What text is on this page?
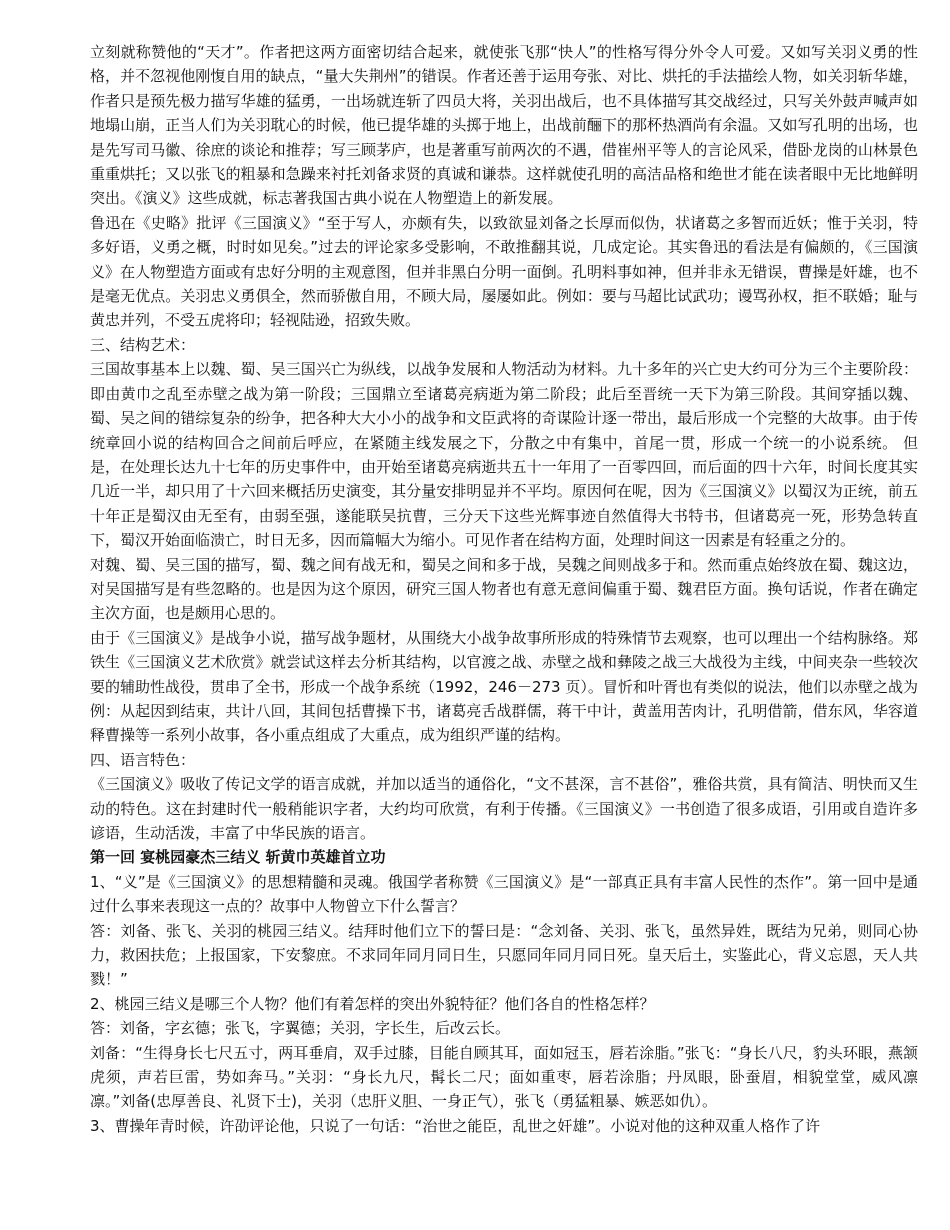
立刻就称赞他的“天才”。作者把这两方面密切结合起来，就使张飞那“快人”的性格写得分外令人可爱。又如写关羽义勇的性格，并不忽视他刚愎自用的缺点，“量大失荆州”的错误。作者还善于运用夸张、对比、烘托的手法描绘人物，如关羽斩华雄，作者只是预先极力描写华雄的猛勇，一出场就连斩了四员大将，关羽出战后，也不具体描写其交战经过，只写关外鼓声喊声如地塌山崩，正当人们为关羽耽心的时候，他已提华雄的头掷于地上，出战前酾下的那杯热酒尚有余温。又如写孔明的出场，也是先写司马徽、徐庶的谈论和推荐；写三顾茅庐，也是著重写前两次的不遇，借崔州平等人的言论风采，借卧龙岗的山林景色重重烘托；又以张飞的粗暴和急躁来衬托刘备求贤的真诚和谦恭。这样就使孔明的高洁品格和绝世才能在读者眼中无比地鲜明突出。《演义》这些成就，标志著我国古典小说在人物塑造上的新发展。

鲁迅在《史略》批评《三国演义》“至于写人，亦颇有失，以致欲显刘备之长厚而似伪，状诸葛之多智而近妖；惟于关羽，特多好语，义勇之概，时时如见矣。”过去的评论家多受影响，不敢推翻其说，几成定论。其实鲁迅的看法是有偏颇的，《三国演义》在人物塑造方面或有忠好分明的主观意图，但并非黑白分明一面倒。孔明料事如神，但并非永无错误，曹操是奸雄，也不是毫无优点。关羽忠义勇俱全，然而骄傲自用，不顾大局，屡屡如此。例如：要与马超比试武功；谩骂孙权，拒不联婚；耻与黄忠并列，不受五虎将印；轻视陆逊，招致失败。

三、结构艺术：

三国故事基本上以魏、蜀、吴三国兴亡为纵线，以战争发展和人物活动为材料。九十多年的兴亡史大约可分为三个主要阶段：即由黄巾之乱至赤壁之战为第一阶段；三国鼎立至诸葛亮病逝为第二阶段；此后至晋统一天下为第三阶段。其间穿插以魏、蜀、吴之间的错综复杂的纷争，把各种大大小小的战争和文臣武将的奇谋险计逐一带出，最后形成一个完整的大故事。由于传统章回小说的结构回合之间前后呼应，在紧随主线发展之下，分散之中有集中，首尾一贯，形成一个统一的小说系统。 但是，在处理长达九十七年的历史事件中，由开始至诸葛亮病逝共五十一年用了一百零四回，而后面的四十六年，时间长度其实几近一半，却只用了十六回来概括历史演变，其分量安排明显并不平均。原因何在呢，因为《三国演义》以蜀汉为正统，前五十年正是蜀汉由无至有，由弱至强，遂能联吴抗曹，三分天下这些光辉事迹自然值得大书特书，但诸葛亮一死，形势急转直下，蜀汉开始面临溃亡，时日无多，因而篇幅大为缩小。可见作者在结构方面，处理时间这一因素是有轻重之分的。

对魏、蜀、吴三国的描写，蜀、魏之间有战无和，蜀吴之间和多于战，吴魏之间则战多于和。然而重点始终放在蜀、魏这边，对吴国描写是有些忽略的。也是因为这个原因，研究三国人物者也有意无意间偏重于蜀、魏君臣方面。换句话说，作者在确定主次方面，也是颇用心思的。

由于《三国演义》是战争小说，描写战争题材，从围绕大小战争故事所形成的特殊情节去观察，也可以理出一个结构脉络。郑铁生《三国演义艺术欣赏》就尝试这样去分析其结构，以官渡之战、赤壁之战和彝陵之战三大战役为主线，中间夹杂一些较次要的辅助性战役，贯串了全书，形成一个战争系统（1992，246－273 页）。冒忻和叶胥也有类似的说法，他们以赤壁之战为例：从起因到结束，共计八回，其间包括曹操下书，诸葛亮舌战群儒，蒋干中计，黄盖用苦肉计，孔明借箭，借东风，华容道释曹操等一系列小故事，各小重点组成了大重点，成为组织严谨的结构。

四、语言特色：

《三国演义》吸收了传记文学的语言成就，并加以适当的通俗化，“文不甚深，言不甚俗”，雅俗共赏，具有简洁、明快而又生动的特色。这在封建时代一般稍能识字者，大约均可欣赏，有利于传播。《三国演义》一书创造了很多成语，引用或自造许多谚语，生动活泼，丰富了中华民族的语言。

第一回 宴桃园豪杰三结义 斩黄巾英雄首立功

1、“义”是《三国演义》的思想精髓和灵魂。俄国学者称赞《三国演义》是“一部真正具有丰富人民性的杰作”。第一回中是通过什么事来表现这一点的？故事中人物曾立下什么誓言？

答：刘备、张飞、关羽的桃园三结义。结拜时他们立下的誓曰是：“念刘备、关羽、张飞，虽然异姓，既结为兄弟，则同心协力，救困扶危；上报国家，下安黎庶。不求同年同月同日生，只愿同年同月同日死。皇天后土，实鉴此心，背义忘恩，天人共戮！”

2、桃园三结义是哪三个人物？他们有着怎样的突出外貌特征？他们各自的性格怎样？

答：刘备，字玄德；张飞，字翼德；关羽，字长生，后改云长。

刘备：“生得身长七尺五寸，两耳垂肩，双手过膝，目能自顾其耳，面如冠玉，唇若涂脂。”张飞：“身长八尺，豹头环眼，燕颔虎须，声若巨雷，势如奔马。”关羽：“身长九尺，髯长二尺；面如重枣，唇若涂脂；丹凤眼，卧蚕眉，相貌堂堂，威风凛凛。”刘备(忠厚善良、礼贤下士)，关羽（忠肝义胆、一身正气），张飞（勇猛粗暴、嫉恶如仇）。

3、曹操年青时候，许劭评论他，只说了一句话：“治世之能臣，乱世之奸雄”。小说对他的这种双重人格作了许
